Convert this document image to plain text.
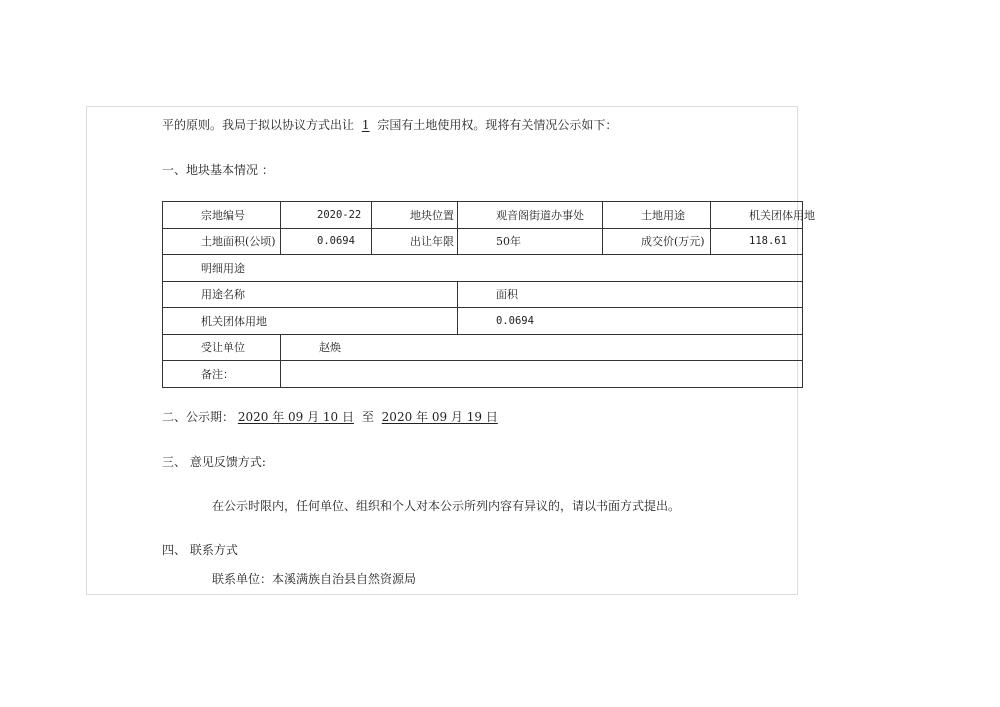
平的原则。我局于拟以协议方式出让 1 宗国有土地使用权。现将有关情况公示如下：
一、地块基本情况 ：
宗地编号	2020-22	地块位置	观音阁街道办事处	土地用途	机关团体用地
土地面积(公顷)	0.0694	出让年限	50年	成交价(万元)	118.61
明细用途					
用途名称			面积		
机关团体用地			0.0694		
受让单位	赵焕				
备注：					
二、公示期： 2020 年 09 月 10 日 至 2020 年 09 月 19 日
三、 意见反馈方式:
在公示时限内，任何单位、组织和个人对本公示所列内容有异议的，请以书面方式提出。
四、 联系方式
联系单位：本溪满族自治县自然资源局
